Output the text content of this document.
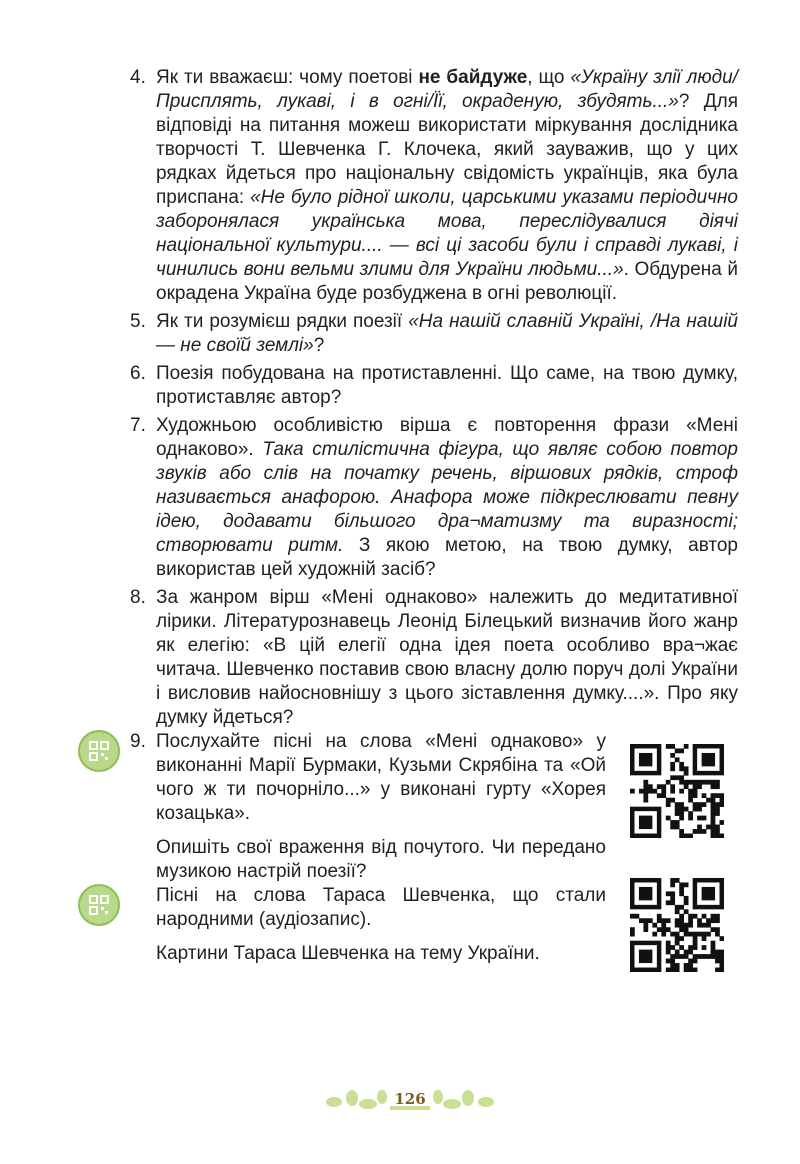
4. Як ти вважаєш: чому поетові не байдуже, що «Україну злії люди/Присплять, лукаві, і в огні/Її, окраденую, збудять...»? Для відповіді на питання можеш використати міркування дослідника творчості Т. Шевченка Г. Клочека, який зауважив, що у цих рядках йдеться про національну свідомість українців, яка була приспана: «Не було рідної школи, царськими указами періодично заборонялася українська мова, переслідувалися діячі національної культури.... — всі ці засоби були і справді лукаві, і чинились вони вельми злими для України людьми...». Обдурена й окрадена Україна буде розбуджена в огні революції.

5. Як ти розумієш рядки поезії «На нашій славній Україні, /На нашій — не своїй землі»?

6. Поезія побудована на протиставленні. Що саме, на твою думку, протиставляє автор?

7. Художньою особливістю вірша є повторення фрази «Мені однаково». Така стилістична фігура, що являє собою повтор звуків або слів на початку речень, віршових рядків, строф називається анафорою. Анафора може підкреслювати певну ідею, додавати більшого дра¬матизму та виразності; створювати ритм. З якою метою, на твою думку, автор використав цей художній засіб?

8. За жанром вірш «Мені однаково» належить до медитативної лірики. Літературознавець Леонід Білецький визначив його жанр як елегію: «В цій елегії одна ідея поета особливо вра¬жає читача. Шевченко поставив свою власну долю поруч долі України і висловив найосновнішу з цього зіставлення думку....». Про яку думку йдеться?

9. Послухайте пісні на слова «Мені однаково» у виконанні Марії Бурмаки, Кузьми Скрябіна та «Ой чого ж ти почорніло...» у виконані гурту «Хорея козацька».

Опишіть свої враження від почутого. Чи передано музикою настрій поезії?

Пісні на слова Тараса Шевченка, що стали народними (аудіозапис).

Картини Тараса Шевченка на тему України.

126
